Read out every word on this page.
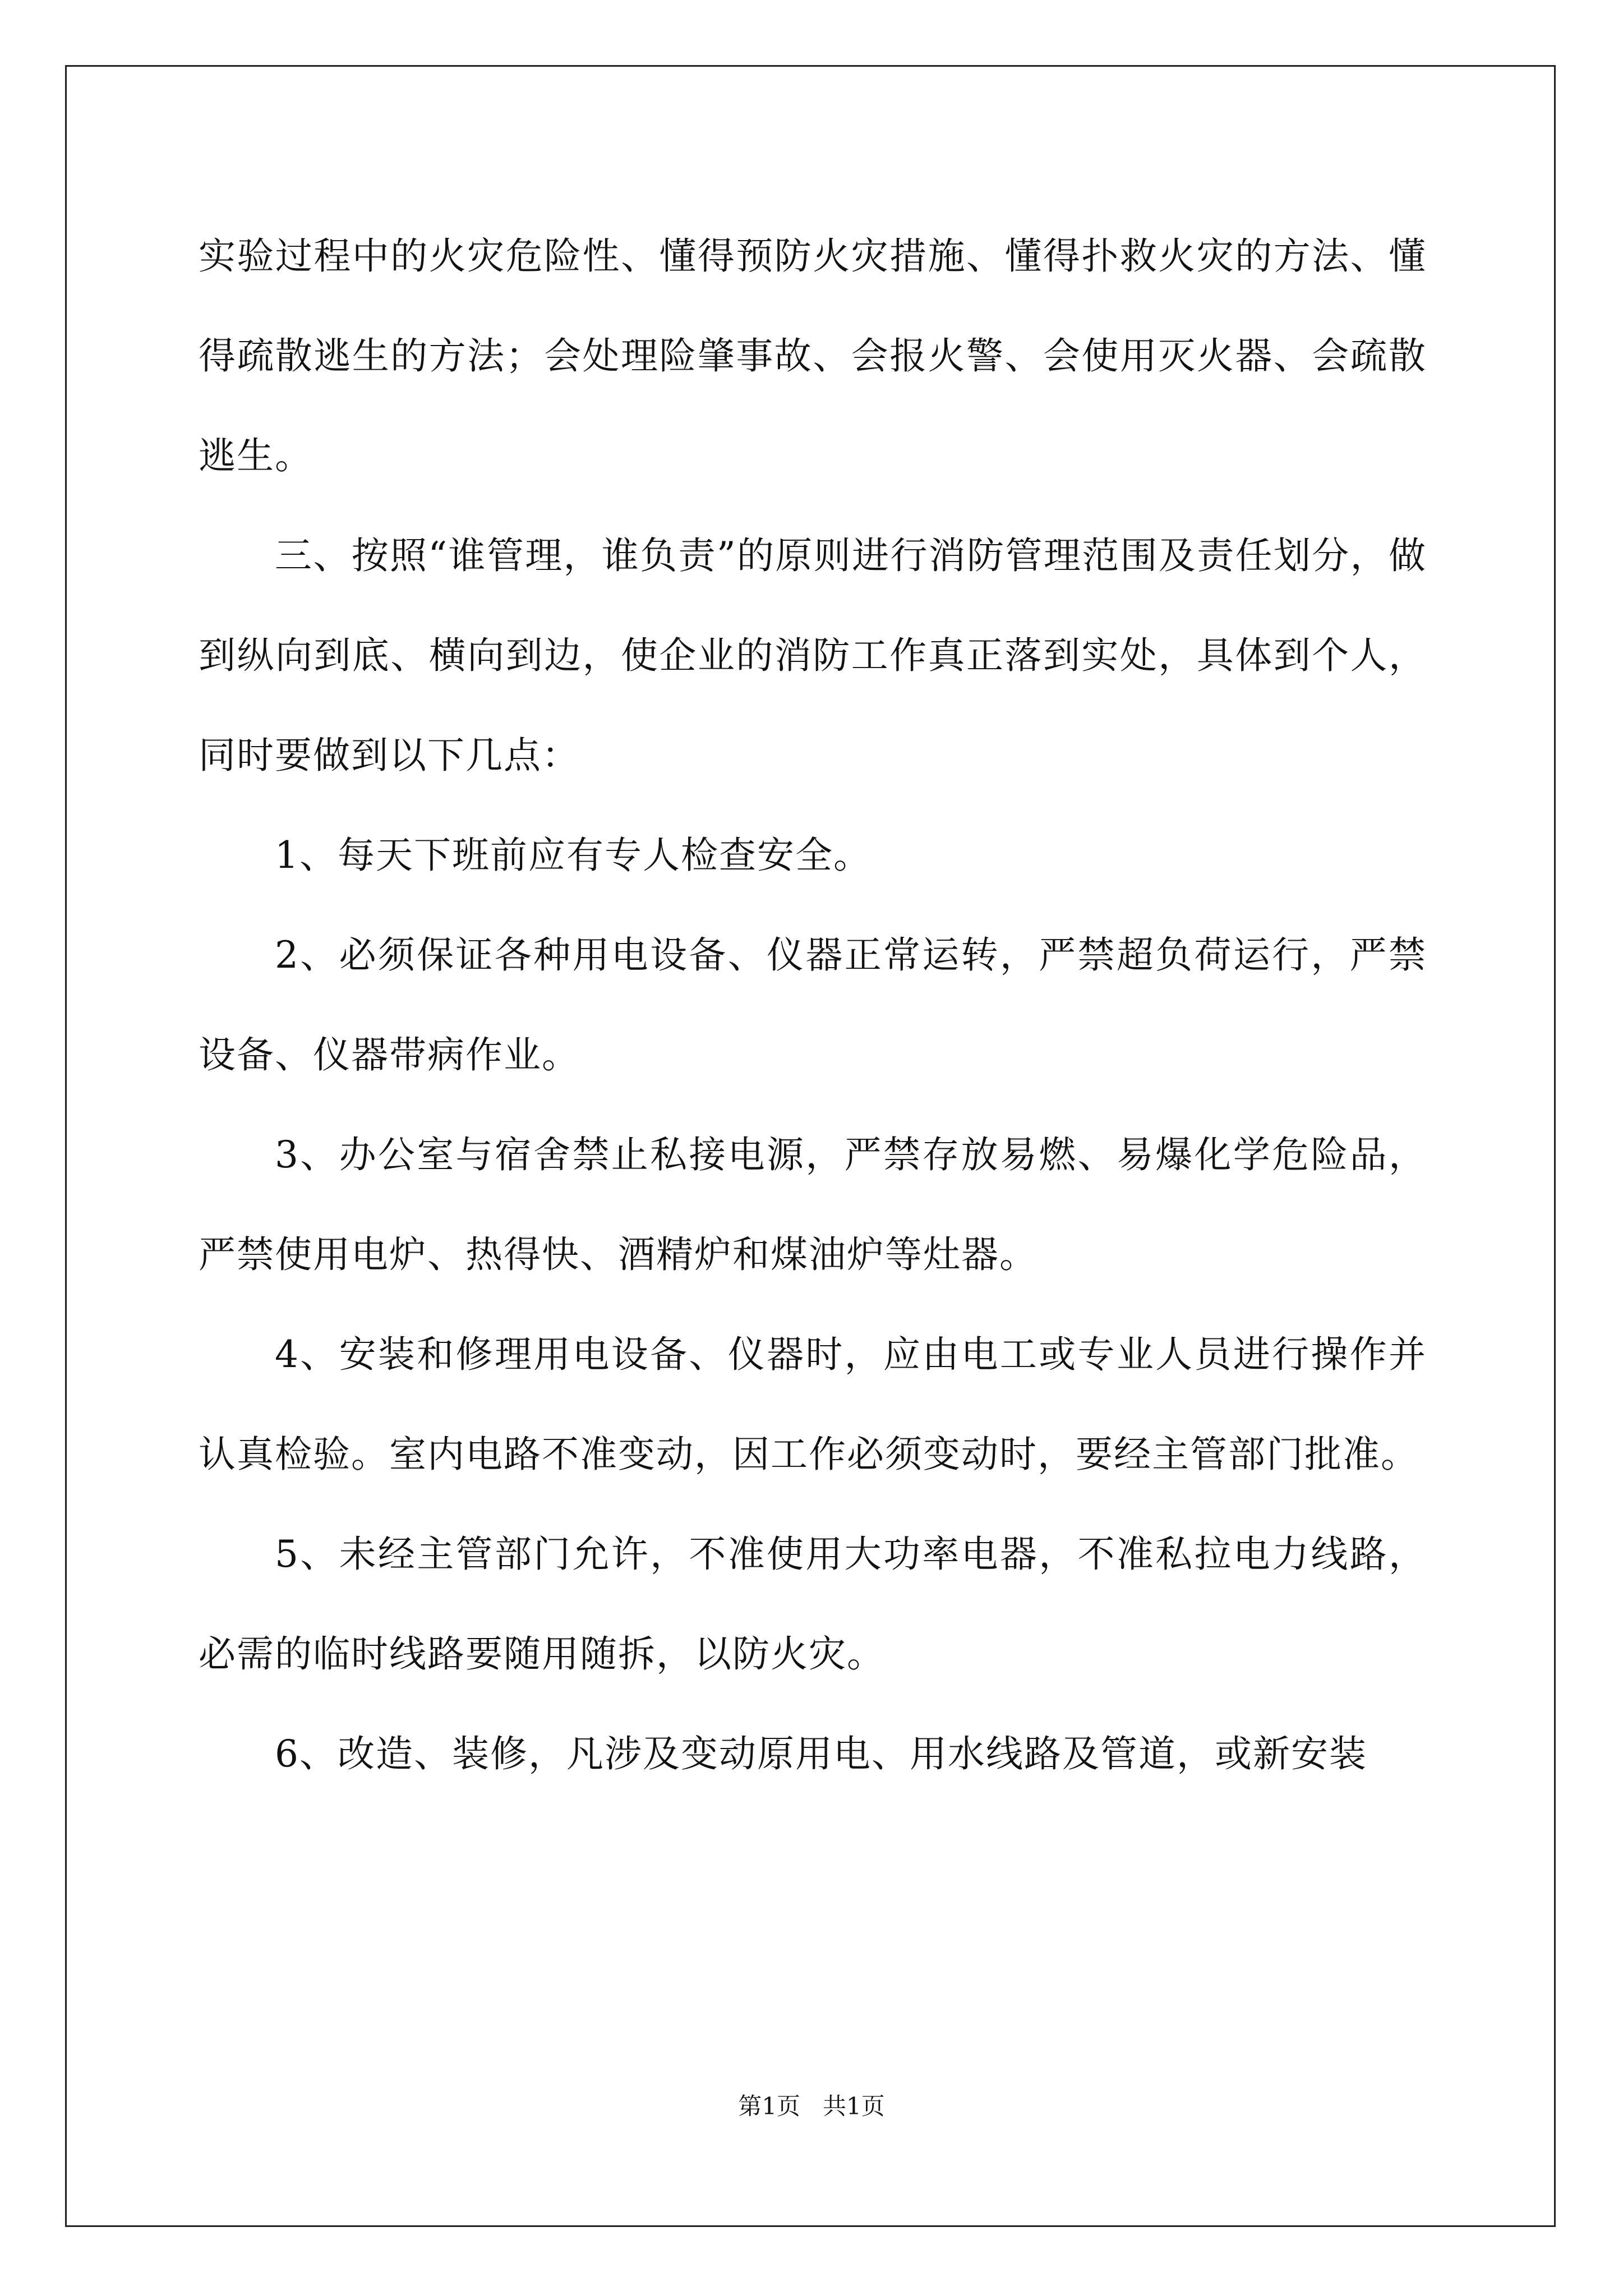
实验过程中的火灾危险性、懂得预防火灾措施、懂得扑救火灾的方法、懂得疏散逃生的方法；会处理险肇事故、会报火警、会使用灭火器、会疏散逃生。

三、按照“谁管理，谁负责”的原则进行消防管理范围及责任划分，做到纵向到底、横向到边，使企业的消防工作真正落到实处，具体到个人，同时要做到以下几点：

1、每天下班前应有专人检查安全。

2、必须保证各种用电设备、仪器正常运转，严禁超负荷运行，严禁设备、仪器带病作业。

3、办公室与宿舍禁止私接电源，严禁存放易燃、易爆化学危险品，严禁使用电炉、热得快、酒精炉和煤油炉等灶器。

4、安装和修理用电设备、仪器时，应由电工或专业人员进行操作并认真检验。室内电路不准变动，因工作必须变动时，要经主管部门批准。

5、未经主管部门允许，不准使用大功率电器，不准私拉电力线路，必需的临时线路要随用随拆，以防火灾。

6、改造、装修，凡涉及变动原用电、用水线路及管道，或新安装

第1页 共1页
